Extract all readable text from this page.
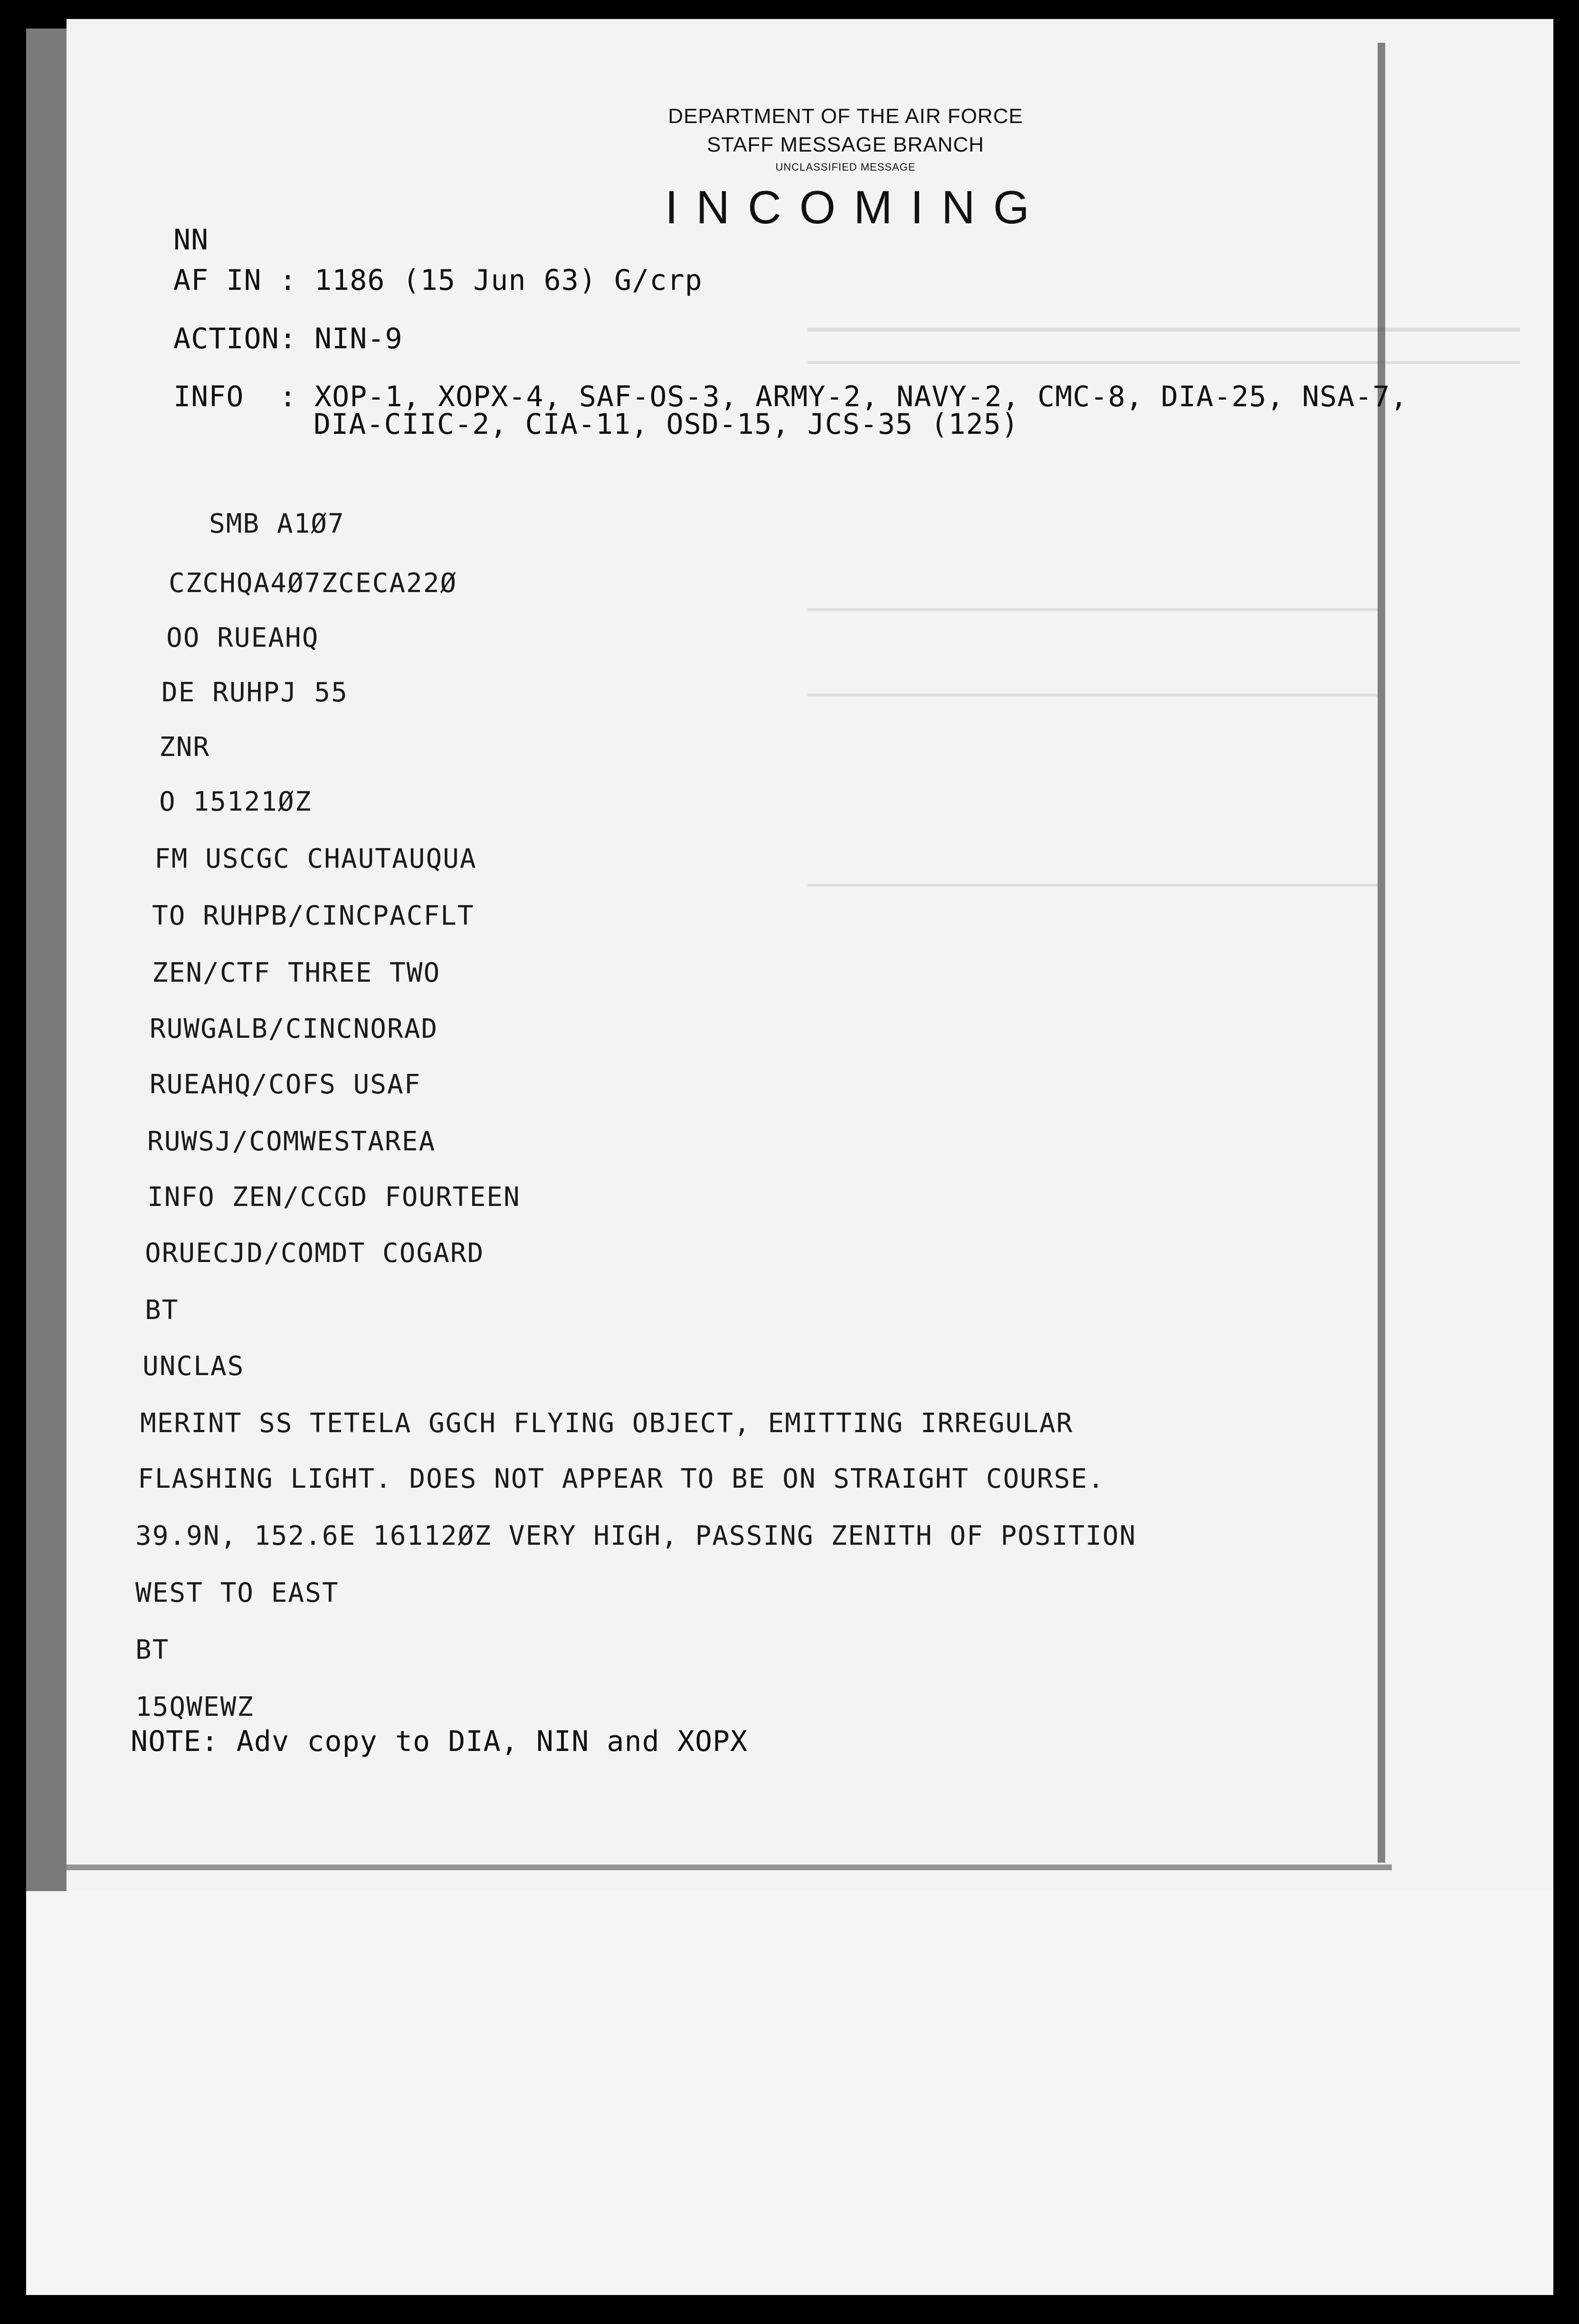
DEPARTMENT OF THE AIR FORCE
STAFF MESSAGE BRANCH
UNCLASSIFIED MESSAGE
INCOMING
NN
AF IN : 1186 (15 Jun 63) G/crp
ACTION: NIN-9
INFO  : XOP-1, XOPX-4, SAF-OS-3, ARMY-2, NAVY-2, CMC-8, DIA-25, NSA-7,
DIA-CIIC-2, CIA-11, OSD-15, JCS-35 (125)
SMB A1Ø7
CZCHQA4Ø7ZCECA22Ø
OO RUEAHQ
DE RUHPJ 55
ZNR
O 15121ØZ
FM USCGC CHAUTAUQUA
TO RUHPB/CINCPACFLT
ZEN/CTF THREE TWO
RUWGALB/CINCNORAD
RUEAHQ/COFS USAF
RUWSJ/COMWESTAREA
INFO ZEN/CCGD FOURTEEN
ORUECJD/COMDT COGARD
BT
UNCLAS
MERINT SS TETELA GGCH FLYING OBJECT, EMITTING IRREGULAR
FLASHING LIGHT. DOES NOT APPEAR TO BE ON STRAIGHT COURSE.
39.9N, 152.6E 16112ØZ VERY HIGH, PASSING ZENITH OF POSITION
WEST TO EAST
BT
15QWEWZ
NOTE: Adv copy to DIA, NIN and XOPX
